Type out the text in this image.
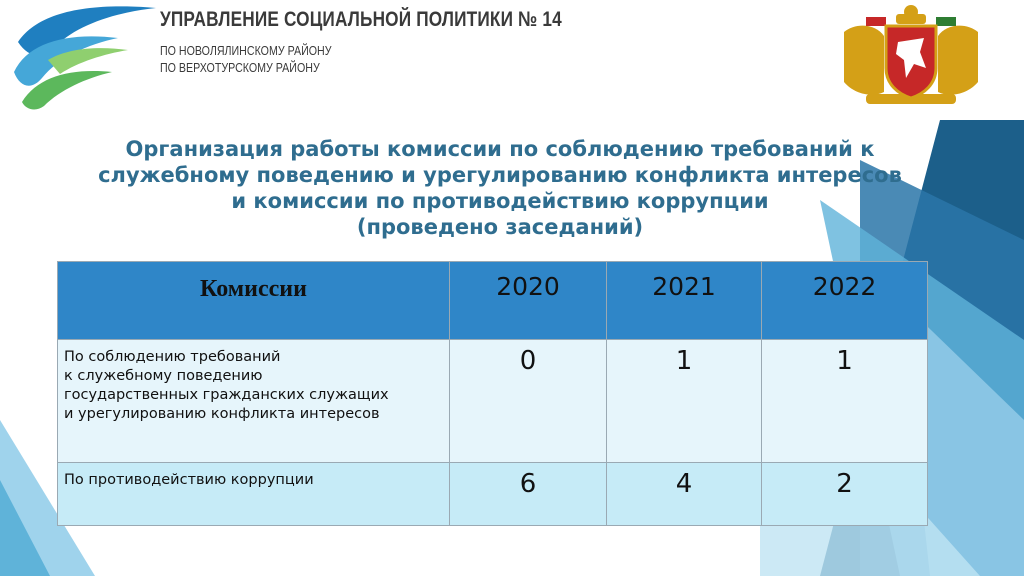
УПРАВЛЕНИЕ СОЦИАЛЬНОЙ ПОЛИТИКИ № 14
ПО НОВОЛЯЛИНСКОМУ РАЙОНУ
ПО ВЕРХОТУРСКОМУ РАЙОНУ
Организация работы комиссии по соблюдению требований к
служебному поведению и урегулированию конфликта интересов
и комиссии по противодействию коррупции
(проведено заседаний)
Комиссии	2020	2021	2022

По соблюдению требований
к служебному поведению
государственных гражданских служащих
и урегулированию конфликта интересов	0	1	1

По противодействию коррупции	6	4	2
